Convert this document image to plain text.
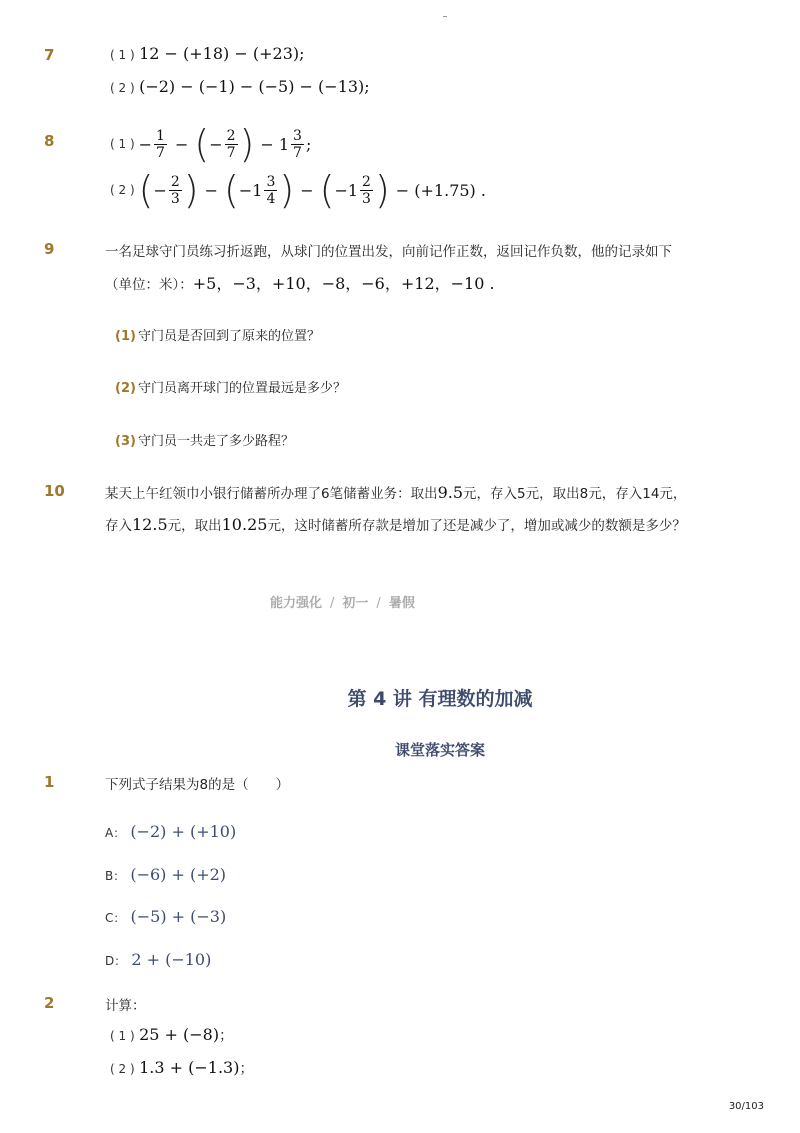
7	( 1 ) 12 − (+18) − (+23);
( 2 ) (−2) − (−1) − (−5) − (−13);
8	( 1 ) − $\frac{1}{7}$ − ( − $\frac{2}{7}$ ) − $1 \frac{3}{7}$ ;
( 2 ) ( − $\frac{2}{3}$ ) − ( $-1 \frac{3}{4}$ ) − ( $-1 \frac{2}{3}$ ) − (+1.75) .
9	一名足球守门员练习折返跑，从球门的位置出发，向前记作正数，返回记作负数，他的记录如下
（单位：米）：+5，−3，+10，−8，−6，+12，−10 .
(1) 守门员是否回到了原来的位置？
(2) 守门员离开球门的位置最远是多少？
(3) 守门员一共走了多少路程？
10	某天上午红领巾小银行储蓄所办理了6笔储蓄业务：取出9.5元，存入5元，取出8元，存入14元，
存入12.5元，取出10.25元，这时储蓄所存款是增加了还是减少了，增加或减少的数额是多少？
能力强化 / 初一 / 暑假
第 4 讲 有理数的加减
课堂落实答案
1	下列式子结果为8的是（　　）
A： (−2) + (+10)
B： (−6) + (+2)
C： (−5) + (−3)
D： 2 + (−10)
2	计算：
( 1 ) 25 + (−8)；
( 2 ) 1.3 + (−1.3)；
30/103
